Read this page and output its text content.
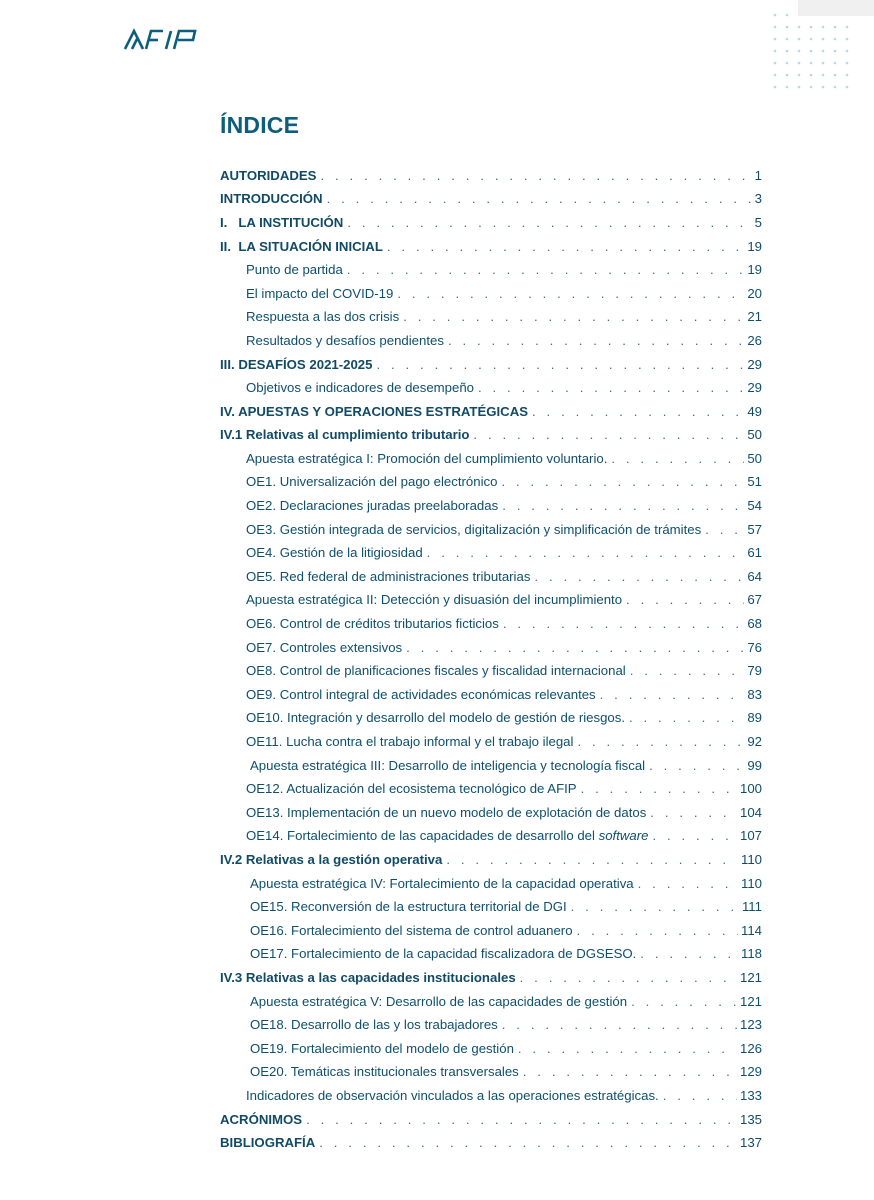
ÍNDICE
AUTORIDADES . . .	1
INTRODUCCIÓN . . .	3
I.   LA INSTITUCIÓN . . .	5
II.  LA SITUACIÓN INICIAL . . .	19
Punto de partida . . .	19
El impacto del COVID-19 . . .	20
Respuesta a las dos crisis . . .	21
Resultados y desafíos pendientes . . .	26
III. DESAFÍOS 2021-2025 . . .	29
Objetivos e indicadores de desempeño . . .	29
IV. APUESTAS Y OPERACIONES ESTRATÉGICAS . . .	49
IV.1 Relativas al cumplimiento tributario . . .	50
Apuesta estratégica I: Promoción del cumplimiento voluntario. . . .	50
OE1. Universalización del pago electrónico . . .	51
OE2. Declaraciones juradas preelaboradas . . .	54
OE3. Gestión integrada de servicios, digitalización y simplificación de trámites . . .	57
OE4. Gestión de la litigiosidad . . .	61
OE5. Red federal de administraciones tributarias . . .	64
Apuesta estratégica II: Detección y disuasión del incumplimiento . . .	67
OE6. Control de créditos tributarios ficticios . . .	68
OE7. Controles extensivos . . .	76
OE8. Control de planificaciones fiscales y fiscalidad internacional . . .	79
OE9. Control integral de actividades económicas relevantes . . .	83
OE10. Integración y desarrollo del modelo de gestión de riesgos. . . .	89
OE11. Lucha contra el trabajo informal y el trabajo ilegal . . .	92
Apuesta estratégica III: Desarrollo de inteligencia y tecnología fiscal . . .	99
OE12. Actualización del ecosistema tecnológico de AFIP . . .	100
OE13. Implementación de un nuevo modelo de explotación de datos . . .	104
OE14. Fortalecimiento de las capacidades de desarrollo del software . . .	107
IV.2 Relativas a la gestión operativa . . .	110
Apuesta estratégica IV: Fortalecimiento de la capacidad operativa . . .	110
OE15. Reconversión de la estructura territorial de DGI . . .	111
OE16. Fortalecimiento del sistema de control aduanero . . .	114
OE17. Fortalecimiento de la capacidad fiscalizadora de DGSESO. . . .	118
IV.3 Relativas a las capacidades institucionales . . .	121
Apuesta estratégica V: Desarrollo de las capacidades de gestión . . .	121
OE18. Desarrollo de las y los trabajadores . . .	123
OE19. Fortalecimiento del modelo de gestión . . .	126
OE20. Temáticas institucionales transversales . . .	129
Indicadores de observación vinculados a las operaciones estratégicas. . . .	133
ACRÓNIMOS . . .	135
BIBLIOGRAFÍA . . .	137
